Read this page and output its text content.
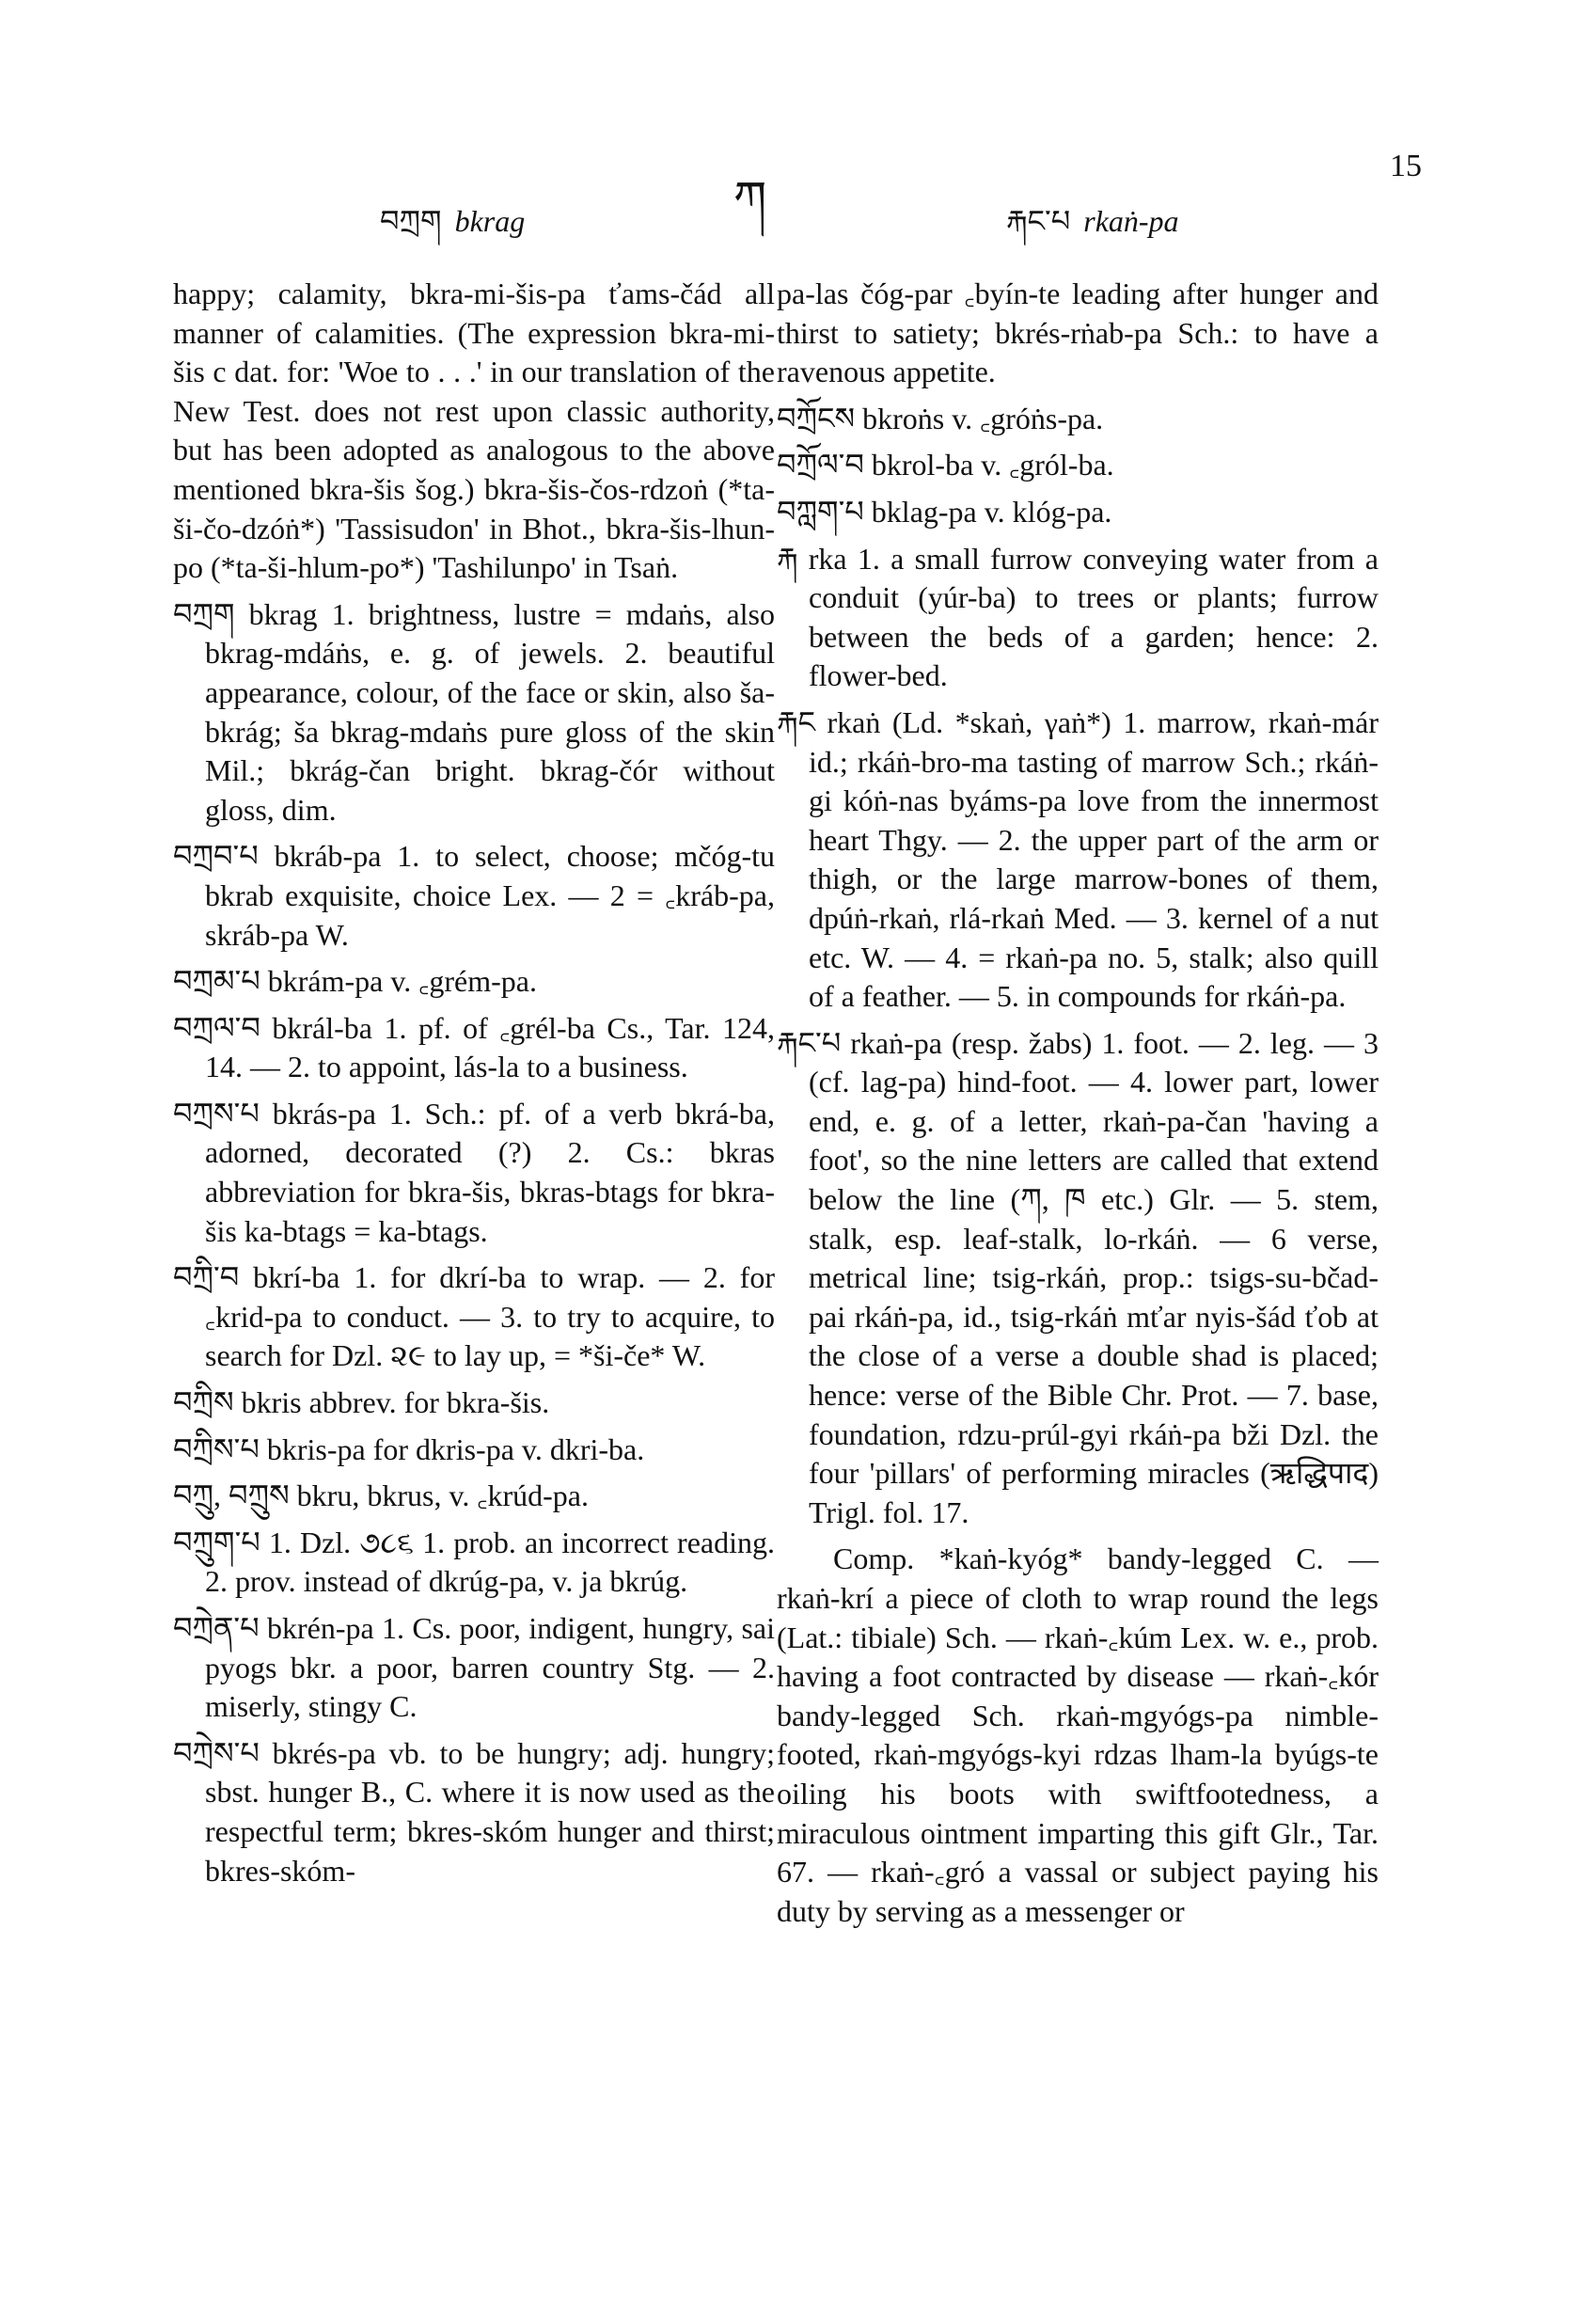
བཀྲག bkrag	ཀ	རྐང་པ rkaṅ-pa
15

happy; calamity, bkra-mi-šis-pa ťams-čád all manner of calamities. (The expression bkra-mi-šis c dat. for: 'Woe to . . .' in our translation of the New Test. does not rest upon classic authority, but has been adopted as analogous to the above mentioned bkra-šis šog.) bkra-šis-čos-rdzoṅ (*ta-ši-čo-dzóṅ*) 'Tassisudon' in Bhot., bkra-šis-lhun-po (*ta-ši-hlum-po*) 'Tashilunpo' in Tsaṅ.

བཀྲག bkrag 1. brightness, lustre = mdaṅs, also bkrag-mdáṅs, e. g. of jewels. 2. beautiful appearance, colour, of the face or skin, also ša-bkrág; ša bkrag-mdaṅs pure gloss of the skin Mil.; bkrág-čan bright. bkrag-čór without gloss, dim.

བཀྲབ་པ bkráb-pa 1. to select, choose; mčóg-tu bkrab exquisite, choice Lex. — 2 = ꜀kráb-pa, skráb-pa W.

བཀྲམ་པ bkrám-pa v. ꜀grém-pa.

བཀྲལ་བ bkrál-ba 1. pf. of ꜀grél-ba Cs., Tar. 124, 14. — 2. to appoint, lás-la to a business.

བཀྲས་པ bkrás-pa 1. Sch.: pf. of a verb bkrá-ba, adorned, decorated (?) 2. Cs.: bkras abbreviation for bkra-šis, bkras-btags for bkra-šis ka-btags = ka-btags.

བཀྲི་བ bkrí-ba 1. for dkrí-ba to wrap. — 2. for ꜀krid-pa to conduct. — 3. to try to acquire, to search for Dzl. ૨૯ to lay up, = *ši-če* W.

བཀྲིས bkris abbrev. for bkra-šis.

བཀྲིས་པ bkris-pa for dkris-pa v. dkri-ba.

བཀྲུ, བཀྲུས bkru, bkrus, v. ꜀krúd-pa.

བཀྲུག་པ 1. Dzl. ૭૮૬ 1. prob. an incorrect reading. 2. prov. instead of dkrúg-pa, v. ja bkrúg.

བཀྲེན་པ bkrén-pa 1. Cs. poor, indigent, hungry, sai pyogs bkr. a poor, barren country Stg. — 2. miserly, stingy C.

བཀྲེས་པ bkrés-pa vb. to be hungry; adj. hungry; sbst. hunger B., C. where it is now used as the respectful term; bkres-skóm hunger and thirst; bkres-skóm-

pa-las čóg-par ꜀byín-te leading after hunger and thirst to satiety; bkrés-rṅab-pa Sch.: to have a ravenous appetite.

བཀྲོངས bkroṅs v. ꜀gróṅs-pa.

བཀྲོལ་བ bkrol-ba v. ꜀gról-ba.

བཀླག་པ bklag-pa v. klóg-pa.

རྐ rka 1. a small furrow conveying water from a conduit (yúr-ba) to trees or plants; furrow between the beds of a garden; hence: 2. flower-bed.

རྐང rkaṅ (Ld. *skaṅ, γaṅ*) 1. marrow, rkaṅ-már id.; rkáṅ-bro-ma tasting of marrow Sch.; rkáṅ-gi kóṅ-nas bỵáms-pa love from the innermost heart Thgy. — 2. the upper part of the arm or thigh, or the large marrow-bones of them, dpúṅ-rkaṅ, rlá-rkaṅ Med. — 3. kernel of a nut etc. W. — 4. = rkaṅ-pa no. 5, stalk; also quill of a feather. — 5. in compounds for rkáṅ-pa.

རྐང་པ rkaṅ-pa (resp. žabs) 1. foot. — 2. leg. — 3 (cf. lag-pa) hind-foot. — 4. lower part, lower end, e. g. of a letter, rkaṅ-pa-čan 'having a foot', so the nine letters are called that extend below the line (ཀ, ཁ etc.) Glr. — 5. stem, stalk, esp. leaf-stalk, lo-rkáṅ. — 6 verse, metrical line; tsig-rkáṅ, prop.: tsigs-su-bčad-pai rkáṅ-pa, id., tsig-rkáṅ mťar nyis-šád ťob at the close of a verse a double shad is placed; hence: verse of the Bible Chr. Prot. — 7. base, foundation, rdzu-prúl-gyi rkáṅ-pa bži Dzl. the four 'pillars' of performing miracles (ऋद्धिपाद) Trigl. fol. 17.

Comp. *kaṅ-kyóg* bandy-legged C. — rkaṅ-krí a piece of cloth to wrap round the legs (Lat.: tibiale) Sch. — rkaṅ-꜀kúm Lex. w. e., prob. having a foot contracted by disease — rkaṅ-꜀kór bandy-legged Sch. rkaṅ-mgyógs-pa nimble-footed, rkaṅ-mgyógs-kyi rdzas lham-la byúgs-te oiling his boots with swiftfootedness, a miraculous ointment imparting this gift Glr., Tar. 67. — rkaṅ-꜀gró a vassal or subject paying his duty by serving as a messenger or
